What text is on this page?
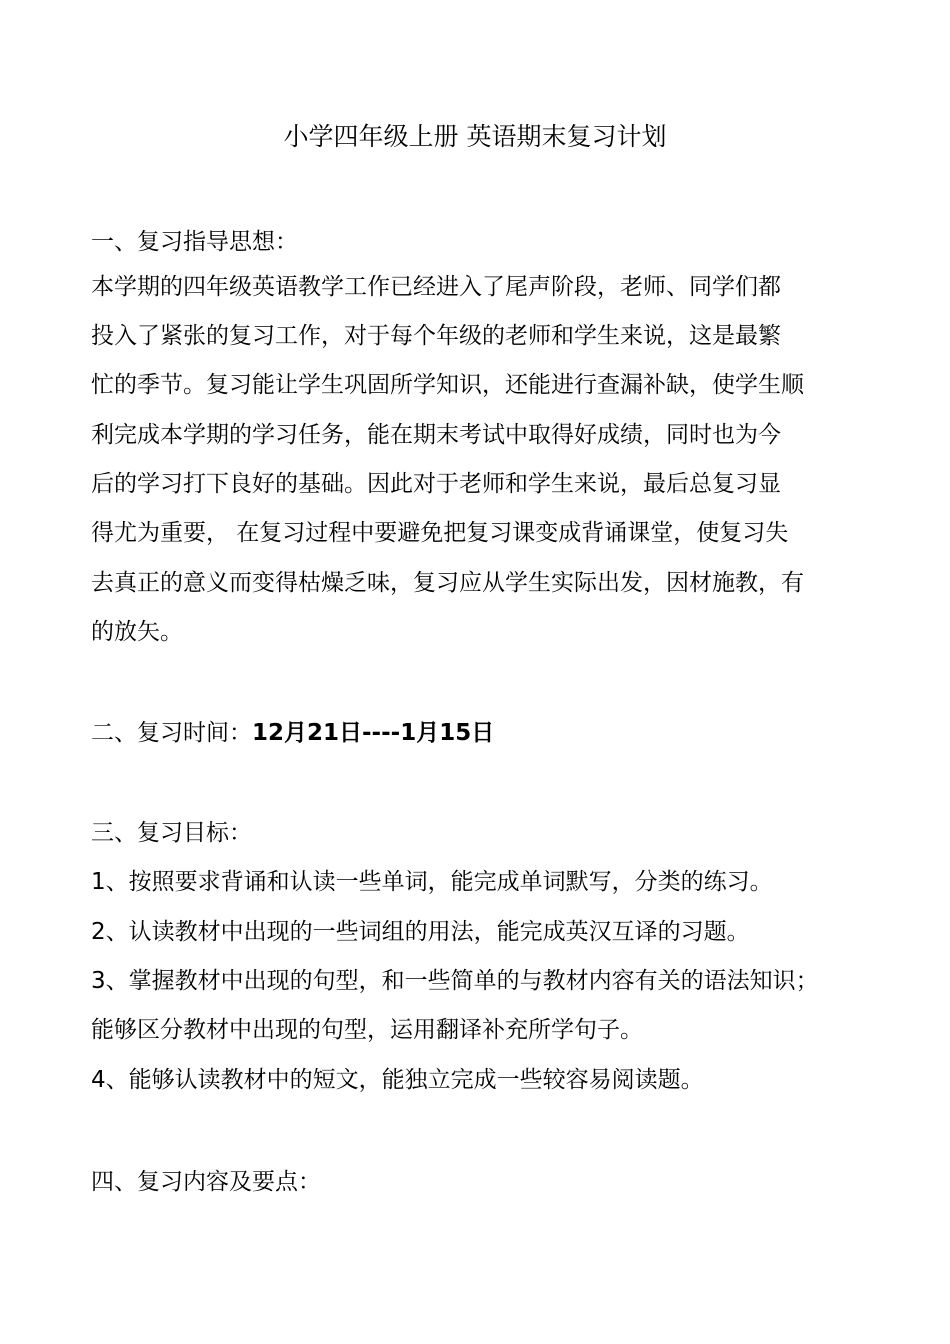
小学四年级上册 英语期末复习计划

一、复习指导思想：

本学期的四年级英语教学工作已经进入了尾声阶段，老师、同学们都

投入了紧张的复习工作，对于每个年级的老师和学生来说，这是最繁

忙的季节。复习能让学生巩固所学知识，还能进行查漏补缺，使学生顺

利完成本学期的学习任务，能在期末考试中取得好成绩，同时也为今

后的学习打下良好的基础。因此对于老师和学生来说，最后总复习显

得尤为重要， 在复习过程中要避免把复习课变成背诵课堂，使复习失

去真正的意义而变得枯燥乏味，复习应从学生实际出发，因材施教，有

的放矢。

二、复习时间：12月21日----1月15日

三、复习目标：

1、按照要求背诵和认读一些单词，能完成单词默写，分类的练习。

2、认读教材中出现的一些词组的用法，能完成英汉互译的习题。

3、掌握教材中出现的句型，和一些简单的与教材内容有关的语法知识；

能够区分教材中出现的句型，运用翻译补充所学句子。

4、能够认读教材中的短文，能独立完成一些较容易阅读题。

四、复习内容及要点：
